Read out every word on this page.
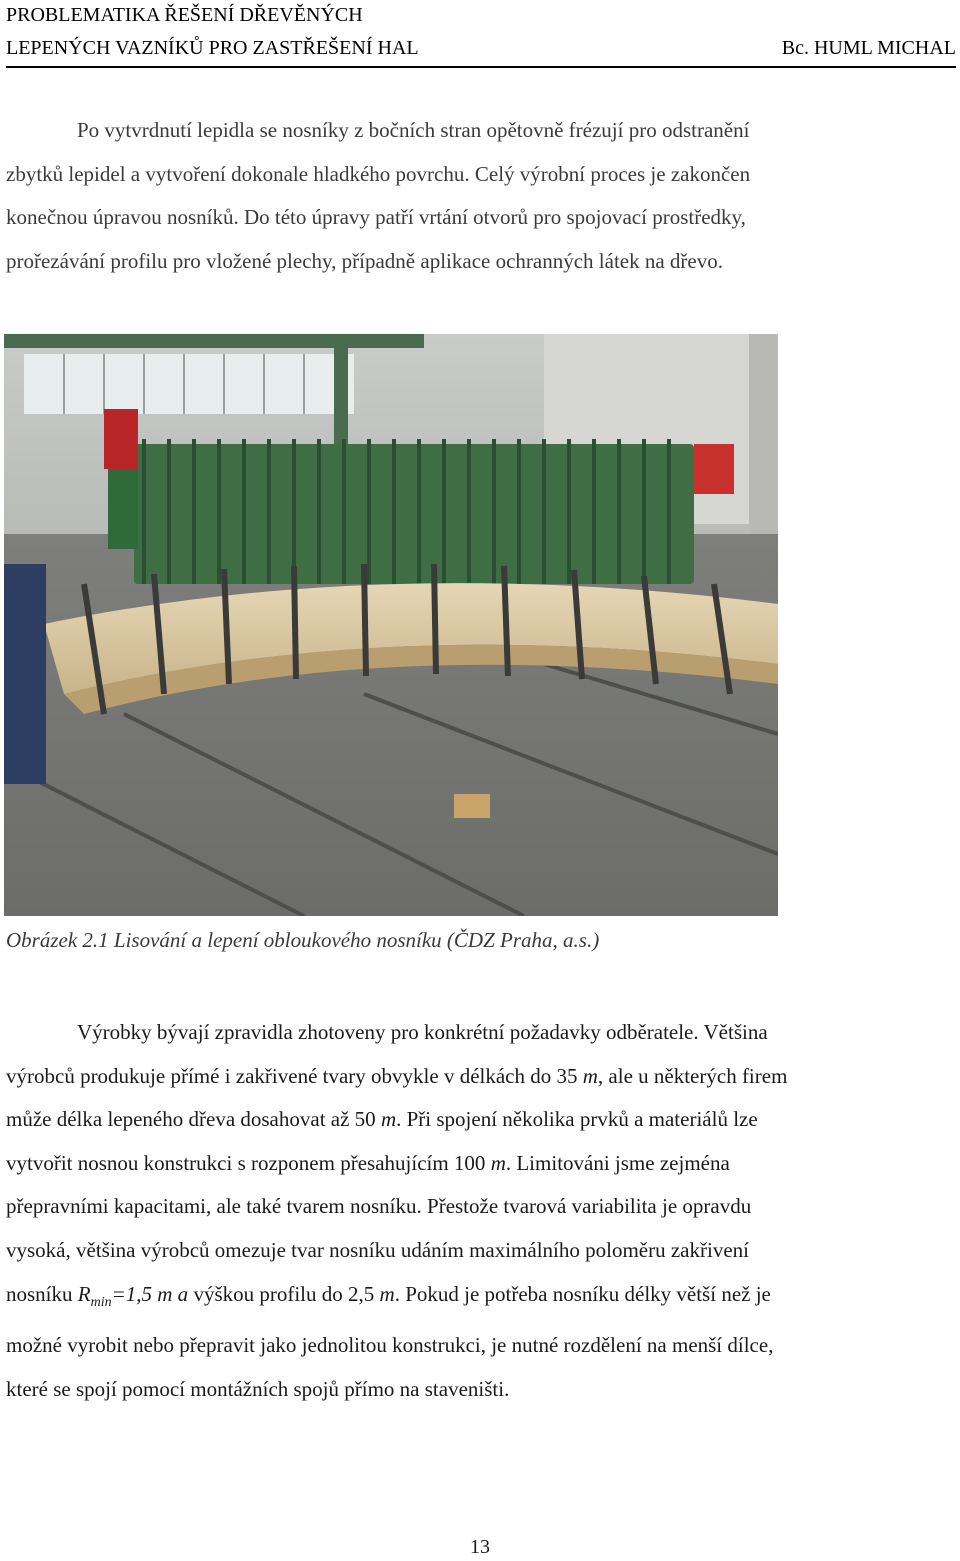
PROBLEMATIKA ŘEŠENÍ DŘEVĚNÝCH
LEPENÝCH VAZNÍKŮ PRO ZASTŘEŠENÍ HAL	Bc. HUML MICHAL
Po vytvrdnutí lepidla se nosníky z bočních stran opětovně frézují pro odstranění
zbytků lepidel a vytvoření dokonale hladkého povrchu. Celý výrobní proces je zakončen
konečnou úpravou nosníků. Do této úpravy patří vrtání otvorů pro spojovací prostředky,
prořezávání profilu pro vložené plechy, případně aplikace ochranných látek na dřevo.
Obrázek 2.1 Lisování a lepení obloukového nosníku (ČDZ Praha, a.s.)
Výrobky bývají zpravidla zhotoveny pro konkrétní požadavky odběratele. Většina
výrobců produkuje přímé i zakřivené tvary obvykle v délkách do 35 m, ale u některých firem
může délka lepeného dřeva dosahovat až 50 m. Při spojení několika prvků a materiálů lze
vytvořit nosnou konstrukci s rozponem přesahujícím 100 m. Limitováni jsme zejména
přepravními kapacitami, ale také tvarem nosníku. Přestože tvarová variabilita je opravdu
vysoká, většina výrobců omezuje tvar nosníku udáním maximálního poloměru zakřivení
nosníku $R_{min}=1,5$ m a výškou profilu do 2,5 m. Pokud je potřeba nosníku délky větší než je
možné vyrobit nebo přepravit jako jednolitou konstrukci, je nutné rozdělení na menší dílce,
které se spojí pomocí montážních spojů přímo na staveništi.
13
